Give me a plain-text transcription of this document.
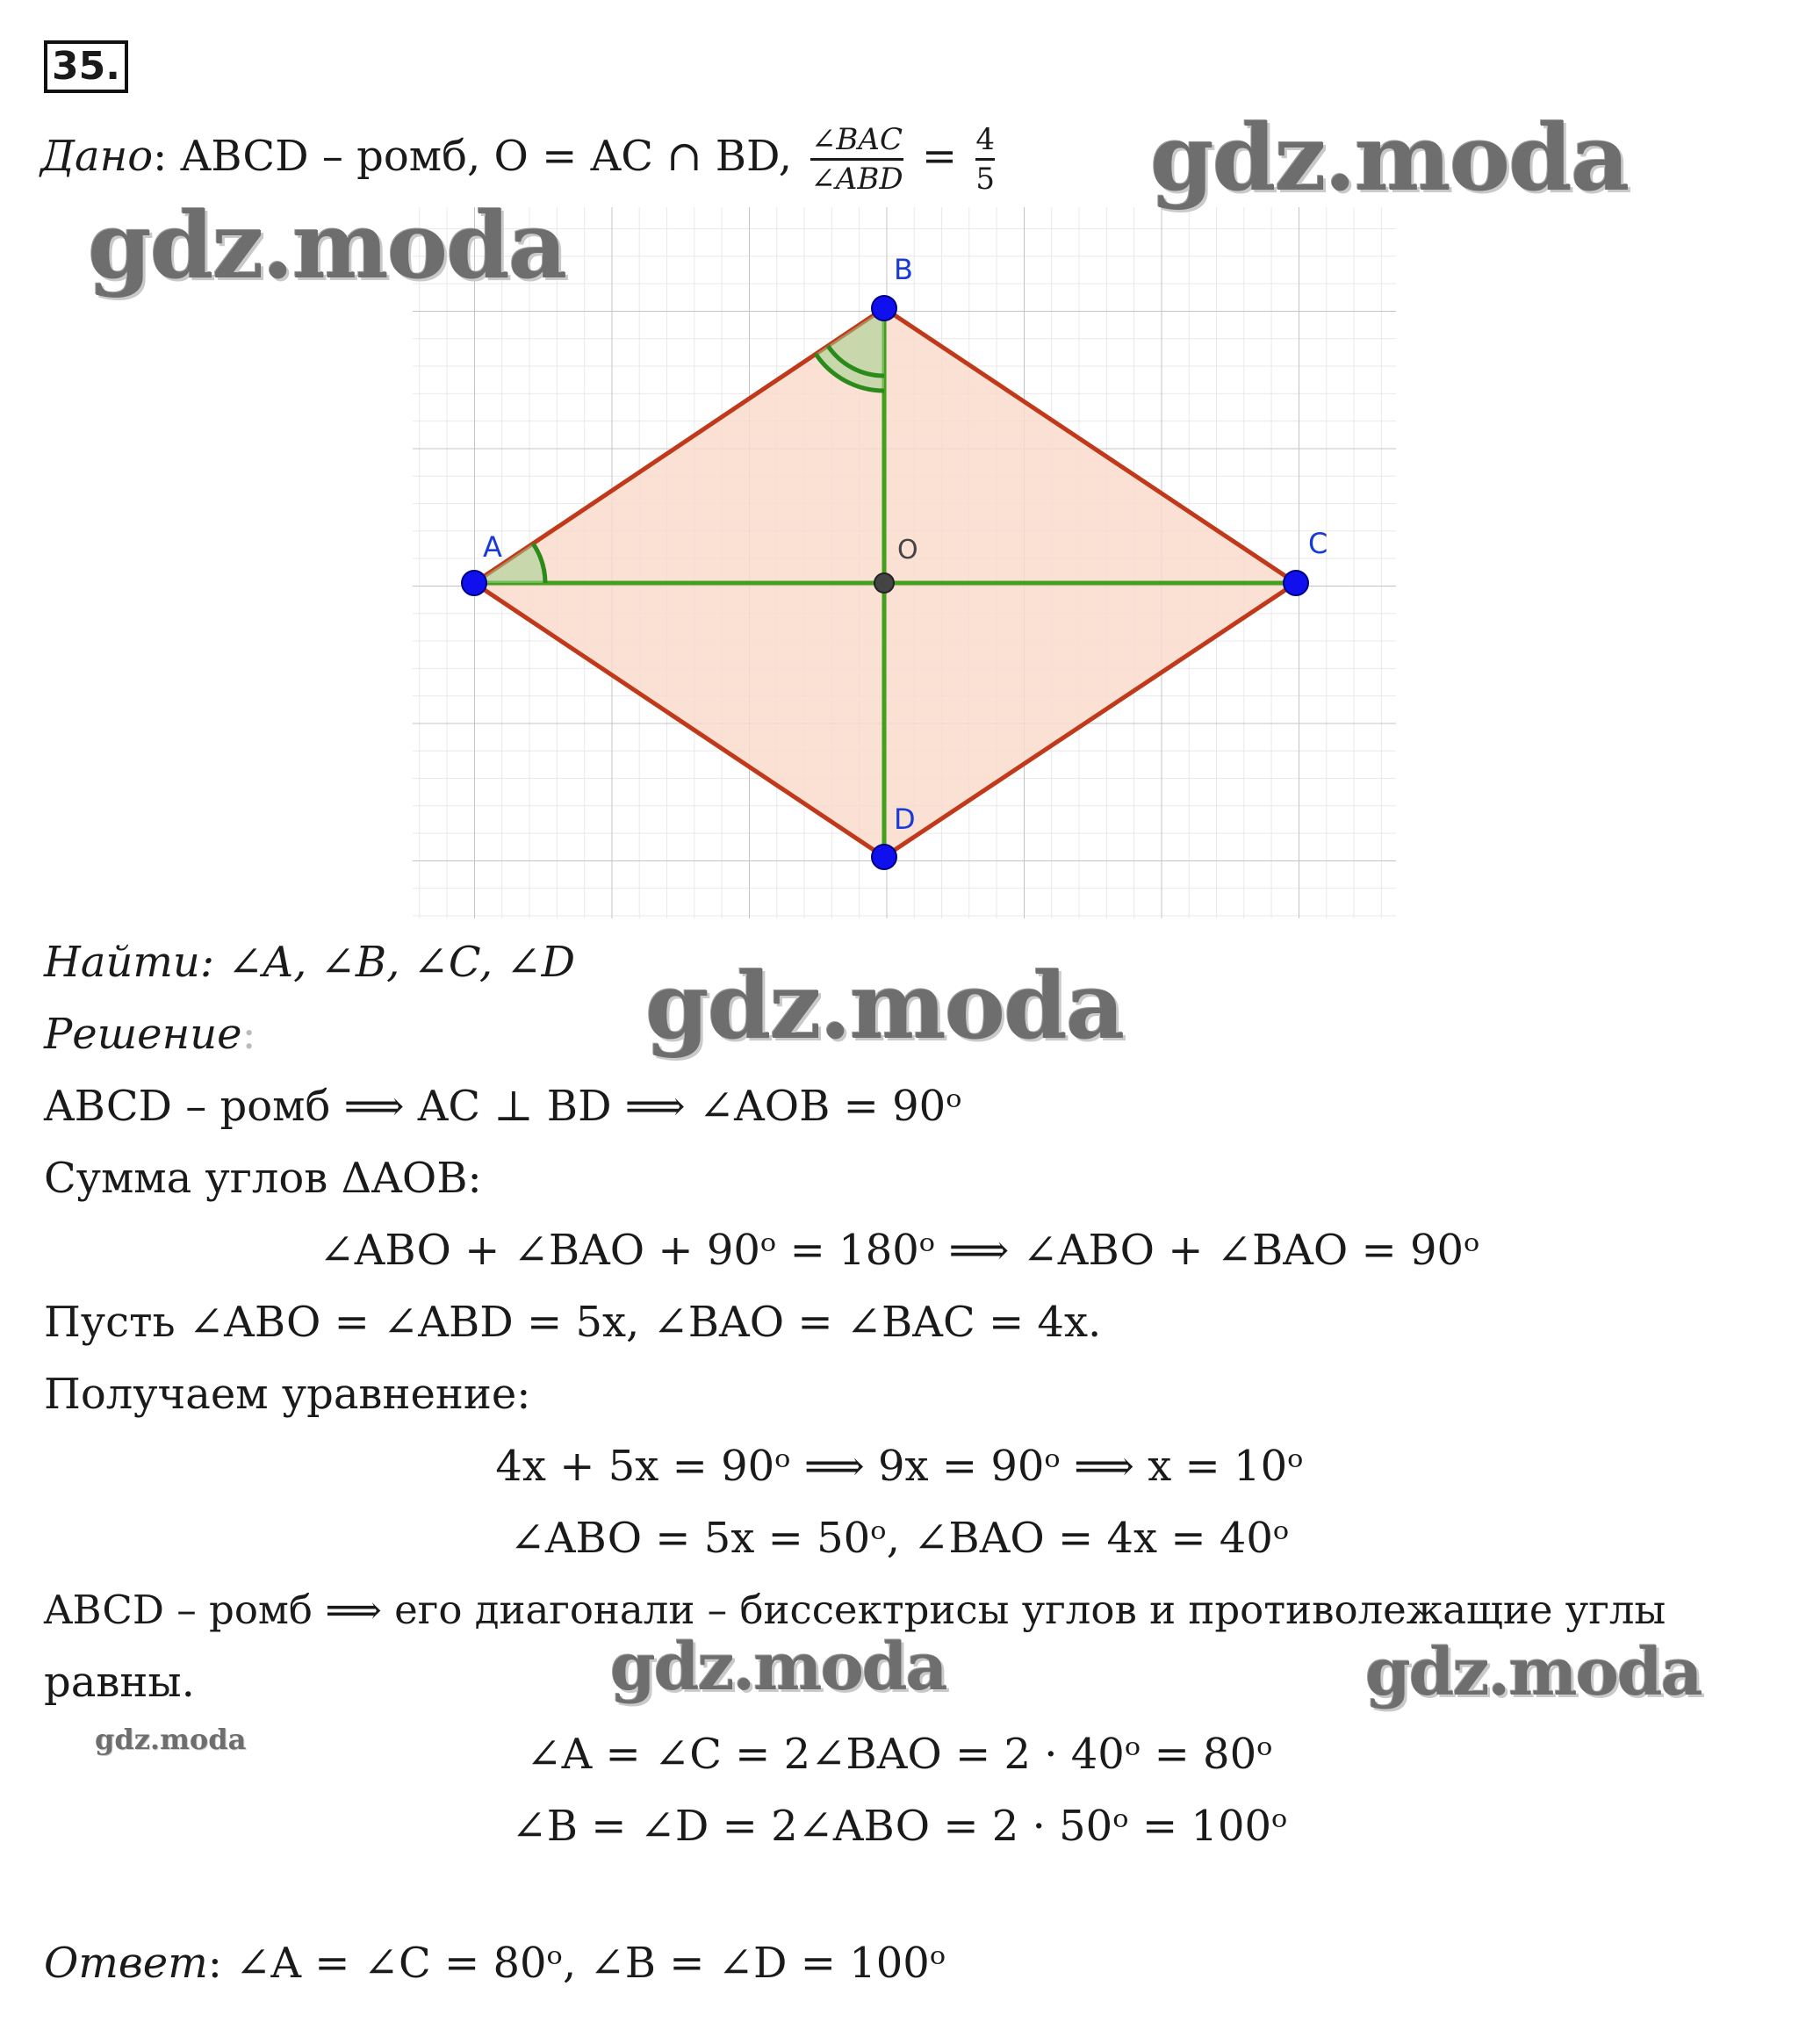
35.
Дано: ABCD – ромб, O = AC ∩ BD, $\frac{\text{∠BAC}}{\text{∠ABD}} = \frac{4}{5}$
A
B
C
D
O
Найти: ∠A, ∠B, ∠C, ∠D
Решение:
ABCD – ромб ⟹ AC ⊥ BD ⟹ ∠AOB = 90ᵒ
Сумма углов ΔAOB:
∠ABO + ∠BAO + 90ᵒ = 180ᵒ ⟹ ∠ABO + ∠BAO = 90ᵒ
Пусть ∠ABO = ∠ABD = 5x, ∠BAO = ∠BAC = 4x.
Получаем уравнение:
4x + 5x = 90ᵒ ⟹ 9x = 90ᵒ ⟹ x = 10ᵒ
∠ABO = 5x = 50ᵒ, ∠BAO = 4x = 40ᵒ
ABCD – ромб ⟹ его диагонали – биссектрисы углов и противолежащие углы
равны.
∠A = ∠C = 2∠BAO = 2 · 40ᵒ = 80ᵒ
∠B = ∠D = 2∠ABO = 2 · 50ᵒ = 100ᵒ
Ответ: ∠A = ∠C = 80ᵒ, ∠B = ∠D = 100ᵒ
gdz.moda
gdz.moda
gdz.moda
gdz.moda	gdz.moda
gdz.moda
